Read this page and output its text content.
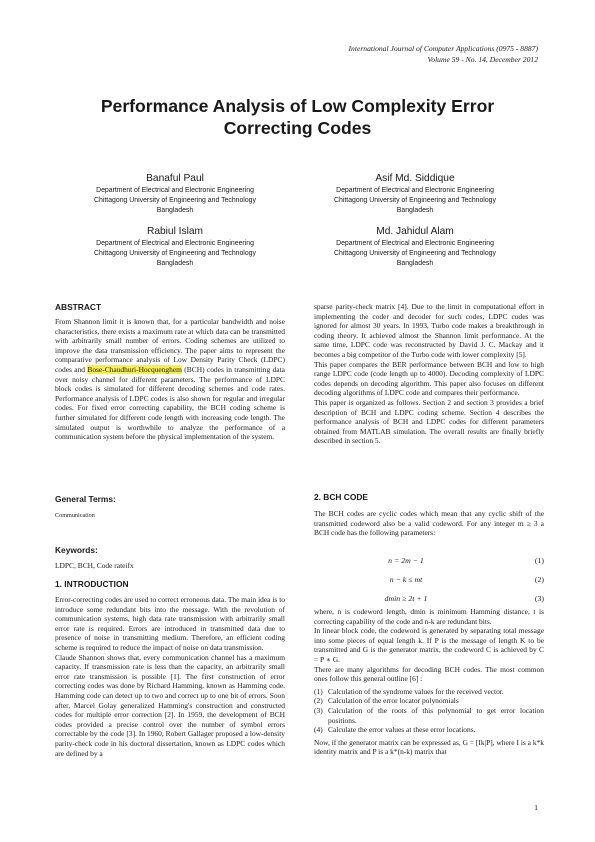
International Journal of Computer Applications (0975 - 8887)
Volume 59 - No. 14, December 2012
Performance Analysis of Low Complexity Error
Correcting Codes
Banaful Paul
Department of Electrical and Electronic Engineering
Chittagong University of Engineering and Technology
Bangladesh
Asif Md. Siddique
Department of Electrical and Electronic Engineering
Chittagong University of Engineering and Technology
Bangladesh
Rabiul Islam
Department of Electrical and Electronic Engineering
Chittagong University of Engineering and Technology
Bangladesh
Md. Jahidul Alam
Department of Electrical and Electronic Engineering
Chittagong University of Engineering and Technology
Bangladesh

ABSTRACT

From Shannon limit it is known that, for a particular bandwidth and noise characteristics, there exists a maximum rate at which data can be transmitted with arbitrarily small number of errors. Coding schemes are utilized to improve the data transmission efficiency. The paper aims to represent the comparative performance analysis of Low Density Parity Check (LDPC) codes and Bose-Chaudhuri-Hocquenghem (BCH) codes in transmitting data over noisy channel for different parameters. The performance of LDPC block codes is simulated for different decoding schemes and code rates. Performance analysis of LDPC codes is also shown for regular and irregular codes. For fixed error correcting capability, the BCH coding scheme is further simulated for different code length with increasing code length. The simulated output is worthwhile to analyze the performance of a communication system before the physical implementation of the system.

General Terms:

Communication

Keywords:

LDPC, BCH, Code rateifx

1. INTRODUCTION

Error-correcting codes are used to correct erroneous data. The main idea is to introduce some redundant bits into the message. With the revolution of communication systems, high data rate transmission with arbitrarily small error rate is required. Errors are introduced in transmitted data due to presence of noise in transmitting medium. Therefore, an efficient coding scheme is required to reduce the impact of noise on data transmission.

Claude Shannon shows that, every communication channel has a maximum capacity. If transmission rate is less than the capacity, an arbitrarily small error rate transmission is possible [1]. The first construction of error correcting codes was done by Richard Hamming, known as Hamming code. Hamming code can detect up to two and correct up to one bit of errors. Soon after, Marcel Golay generalized Hamming's construction and constructed codes for multiple error correction [2]. In 1959, the development of BCH codes provided a precise control over the number of symbol errors correctable by the code [3]. In 1960, Robert Gallager proposed a low-density parity-check code in his doctoral dissertation, known as LDPC codes which are defined by a

sparse parity-check matrix [4]. Due to the limit in computational effort in implementing the coder and decoder for such codes, LDPC codes was ignored for almost 30 years. In 1993, Turbo code makes a breakthrough in coding theory. It achieved almost the Shannon limit performance. At the same time, LDPC code was reconstructed by David J. C. Mackay and it becomes a big competitor of the Turbo code with lower complexity [5].

This paper compares the BER performance between BCH and low to high range LDPC code (code length up to 4000). Decoding complexity of LDPC codes depends on decoding algorithm. This paper also focuses on different decoding algorithms of LDPC code and compares their performance.

This paper is organized as follows. Section 2 and section 3 provides a brief description of BCH and LDPC coding scheme. Section 4 describes the performance analysis of BCH and LDPC codes for different parameters obtained from MATLAB simulation. The overall results are finally briefly described in section 5.

2. BCH CODE

The BCH codes are cyclic codes which mean that any cyclic shift of the transmitted codeword also be a valid codeword. For any integer m ≥ 3 a BCH code has the following parameters:

n = 2m − 1	(1)
n − k ≤ mt	(2)
dmin ≥ 2t + 1	(3)

where, n is codeword length, dmin is minimum Hamming distance, t is correcting capability of the code and n-k are redundant bits.

In linear block code, the codeword is generated by separating total message into some pieces of equal length k. If P is the message of length K to be transmitted and G is the generator matrix, the codeword C is achieved by C = P ∗ G.

There are many algorithms for decoding BCH codes. The most common ones follow this general outline [6] :

(1) Calculation of the syndrome values for the received vector.
(2) Calculation of the error locator polynomials
(3) Calculation of the roots of this polynomial to get error location positions.
(4) Calculate the error values at these error locations.

Now, if the generator matrix can be expressed as, G = [Ik|P], where I is a k*k identity matrix and P is a k*(n-k) matrix that

1
